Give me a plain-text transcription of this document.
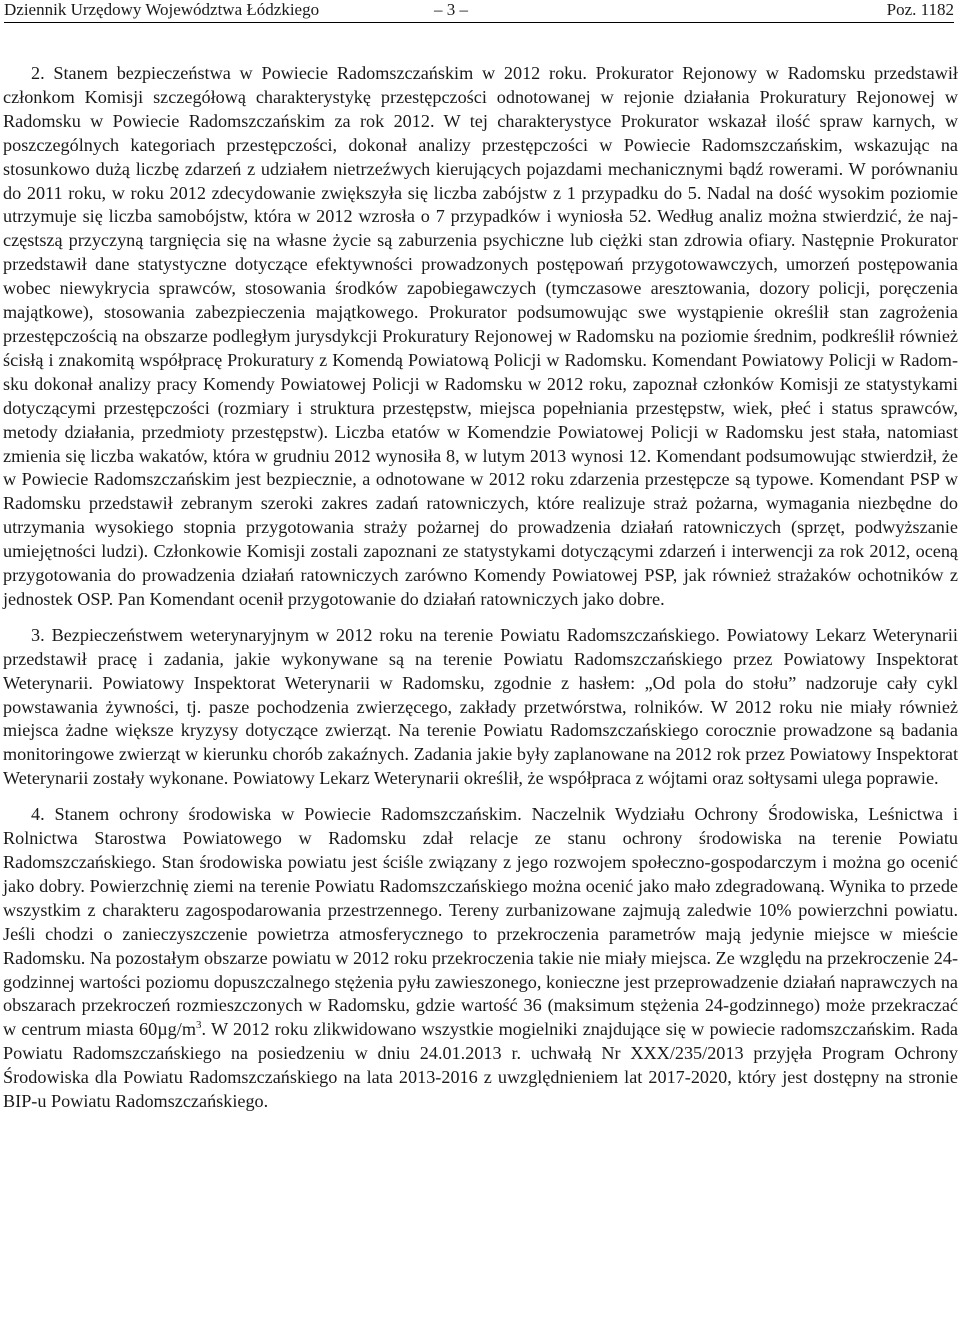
Dziennik Urzędowy Województwa Łódzkiego	– 3 –	Poz. 1182

2. Stanem bezpieczeństwa w Powiecie Radomszczańskim w 2012 roku. Prokurator Rejonowy w Radomsku przedstawił członkom Komisji szczegółową charakterystykę przestępczości odnotowanej w rejonie działania Prokuratury Rejonowej w Radomsku w Powiecie Radomszczańskim za rok 2012. W tej charakterystyce Prokurator wskazał ilość spraw karnych, w poszczególnych kategoriach przestępczości, dokonał analizy przestępczości w Powiecie Radomszczańskim, wskazując na stosunkowo dużą liczbę zdarzeń z udziałem nietrzeźwych kierujących pojazdami mechanicznymi bądź rowerami. W porównaniu do 2011 roku, w roku 2012 zdecydowanie zwiększyła się liczba zabójstw z 1 przypadku do 5. Nadal na dość wysokim poziomie utrzymuje się liczba samobójstw, która w 2012 wzrosła o 7 przypadków i wyniosła 52. Według analiz można stwierdzić, że najczęstszą przyczyną targnięcia się na własne życie są zaburzenia psychiczne lub ciężki stan zdrowia ofiary. Następnie Prokurator przedstawił dane statystyczne dotyczące efektywności prowadzonych postępowań przygotowawczych, umorzeń postępowania wobec niewykrycia sprawców, stosowania środków zapobiegawczych (tymczasowe aresztowania, dozory policji, poręczenia majątkowe), stosowania zabezpieczenia majątkowego. Prokurator podsumowując swe wystąpienie określił stan zagrożenia przestępczością na obszarze podległym jurysdykcji Prokuratury Rejonowej w Radomsku na poziomie średnim, podkreślił również ścisłą i znakomitą współpracę Prokuratury z Komendą Powiatową Policji w Radomsku. Komendant Powiatowy Policji w Radomsku dokonał analizy pracy Komendy Powiatowej Policji w Radomsku w 2012 roku, zapoznał członków Komisji ze statystykami dotyczącymi przestępczości (rozmiary i struktura przestępstw, miejsca popełniania przestępstw, wiek, płeć i status sprawców, metody działania, przedmioty przestępstw). Liczba etatów w Komendzie Powiatowej Policji w Radomsku jest stała, natomiast zmienia się liczba wakatów, która w grudniu 2012 wynosiła 8, w lutym 2013 wynosi 12. Komendant podsumowując stwierdził, że w Powiecie Radomszczańskim jest bezpiecznie, a odnotowane w 2012 roku zdarzenia przestępcze są typowe. Komendant PSP w Radomsku przedstawił zebranym szeroki zakres zadań ratowniczych, które realizuje straż pożarna, wymagania niezbędne do utrzymania wysokiego stopnia przygotowania straży pożarnej do prowadzenia działań ratowniczych (sprzęt, podwyższanie umiejętności ludzi). Członkowie Komisji zostali zapoznani ze statystykami dotyczącymi zdarzeń i interwencji za rok 2012, oceną przygotowania do prowadzenia działań ratowniczych zarówno Komendy Powiatowej PSP, jak również strażaków ochotników z jednostek OSP. Pan Komendant ocenił przygotowanie do działań ratowniczych jako dobre.

3. Bezpieczeństwem weterynaryjnym w 2012 roku na terenie Powiatu Radomszczańskiego. Powiatowy Lekarz Weterynarii przedstawił pracę i zadania, jakie wykonywane są na terenie Powiatu Radomszczańskiego przez Powiatowy Inspektorat Weterynarii. Powiatowy Inspektorat Weterynarii w Radomsku, zgodnie z hasłem: „Od pola do stołu” nadzoruje cały cykl powstawania żywności, tj. pasze pochodzenia zwierzęcego, zakłady przetwórstwa, rolników. W 2012 roku nie miały również miejsca żadne większe kryzysy dotyczące zwierząt. Na terenie Powiatu Radomszczańskiego corocznie prowadzone są badania monitoringowe zwierząt w kierunku chorób zakaźnych. Zadania jakie były zaplanowane na 2012 rok przez Powiatowy Inspektorat Weterynarii zostały wykonane. Powiatowy Lekarz Weterynarii określił, że współpraca z wójtami oraz sołtysami ulega poprawie.

4. Stanem ochrony środowiska w Powiecie Radomszczańskim. Naczelnik Wydziału Ochrony Środowiska, Leśnictwa i Rolnictwa Starostwa Powiatowego w Radomsku zdał relacje ze stanu ochrony środowiska na terenie Powiatu Radomszczańskiego. Stan środowiska powiatu jest ściśle związany z jego rozwojem społeczno-gospodarczym i można go ocenić jako dobry. Powierzchnię ziemi na terenie Powiatu Radomszczańskiego można ocenić jako mało zdegradowaną. Wynika to przede wszystkim z charakteru zagospodarowania przestrzennego. Tereny zurbanizowane zajmują zaledwie 10% powierzchni powiatu. Jeśli chodzi o zanieczyszczenie powietrza atmosferycznego to przekroczenia parametrów mają jedynie miejsce w mieście Radomsku. Na pozostałym obszarze powiatu w 2012 roku przekroczenia takie nie miały miejsca. Ze względu na przekroczenie 24-godzinnej wartości poziomu dopuszczalnego stężenia pyłu zawieszonego, konieczne jest przeprowadzenie działań naprawczych na obszarach przekroczeń rozmieszczonych w Radomsku, gdzie wartość 36 (maksimum stężenia 24-godzinnego) może przekraczać w centrum miasta $60\mu g/m^3$. W 2012 roku zlikwidowano wszystkie mogielniki znajdujące się w powiecie radomszczańskim. Rada Powiatu Radomszczańskiego na posiedzeniu w dniu 24.01.2013 r. uchwałą Nr XXX/235/2013 przyjęła Program Ochrony Środowiska dla Powiatu Radomszczańskiego na lata 2013-2016 z uwzględnieniem lat 2017-2020, który jest dostępny na stronie BIP-u Powiatu Radomszczańskiego.
